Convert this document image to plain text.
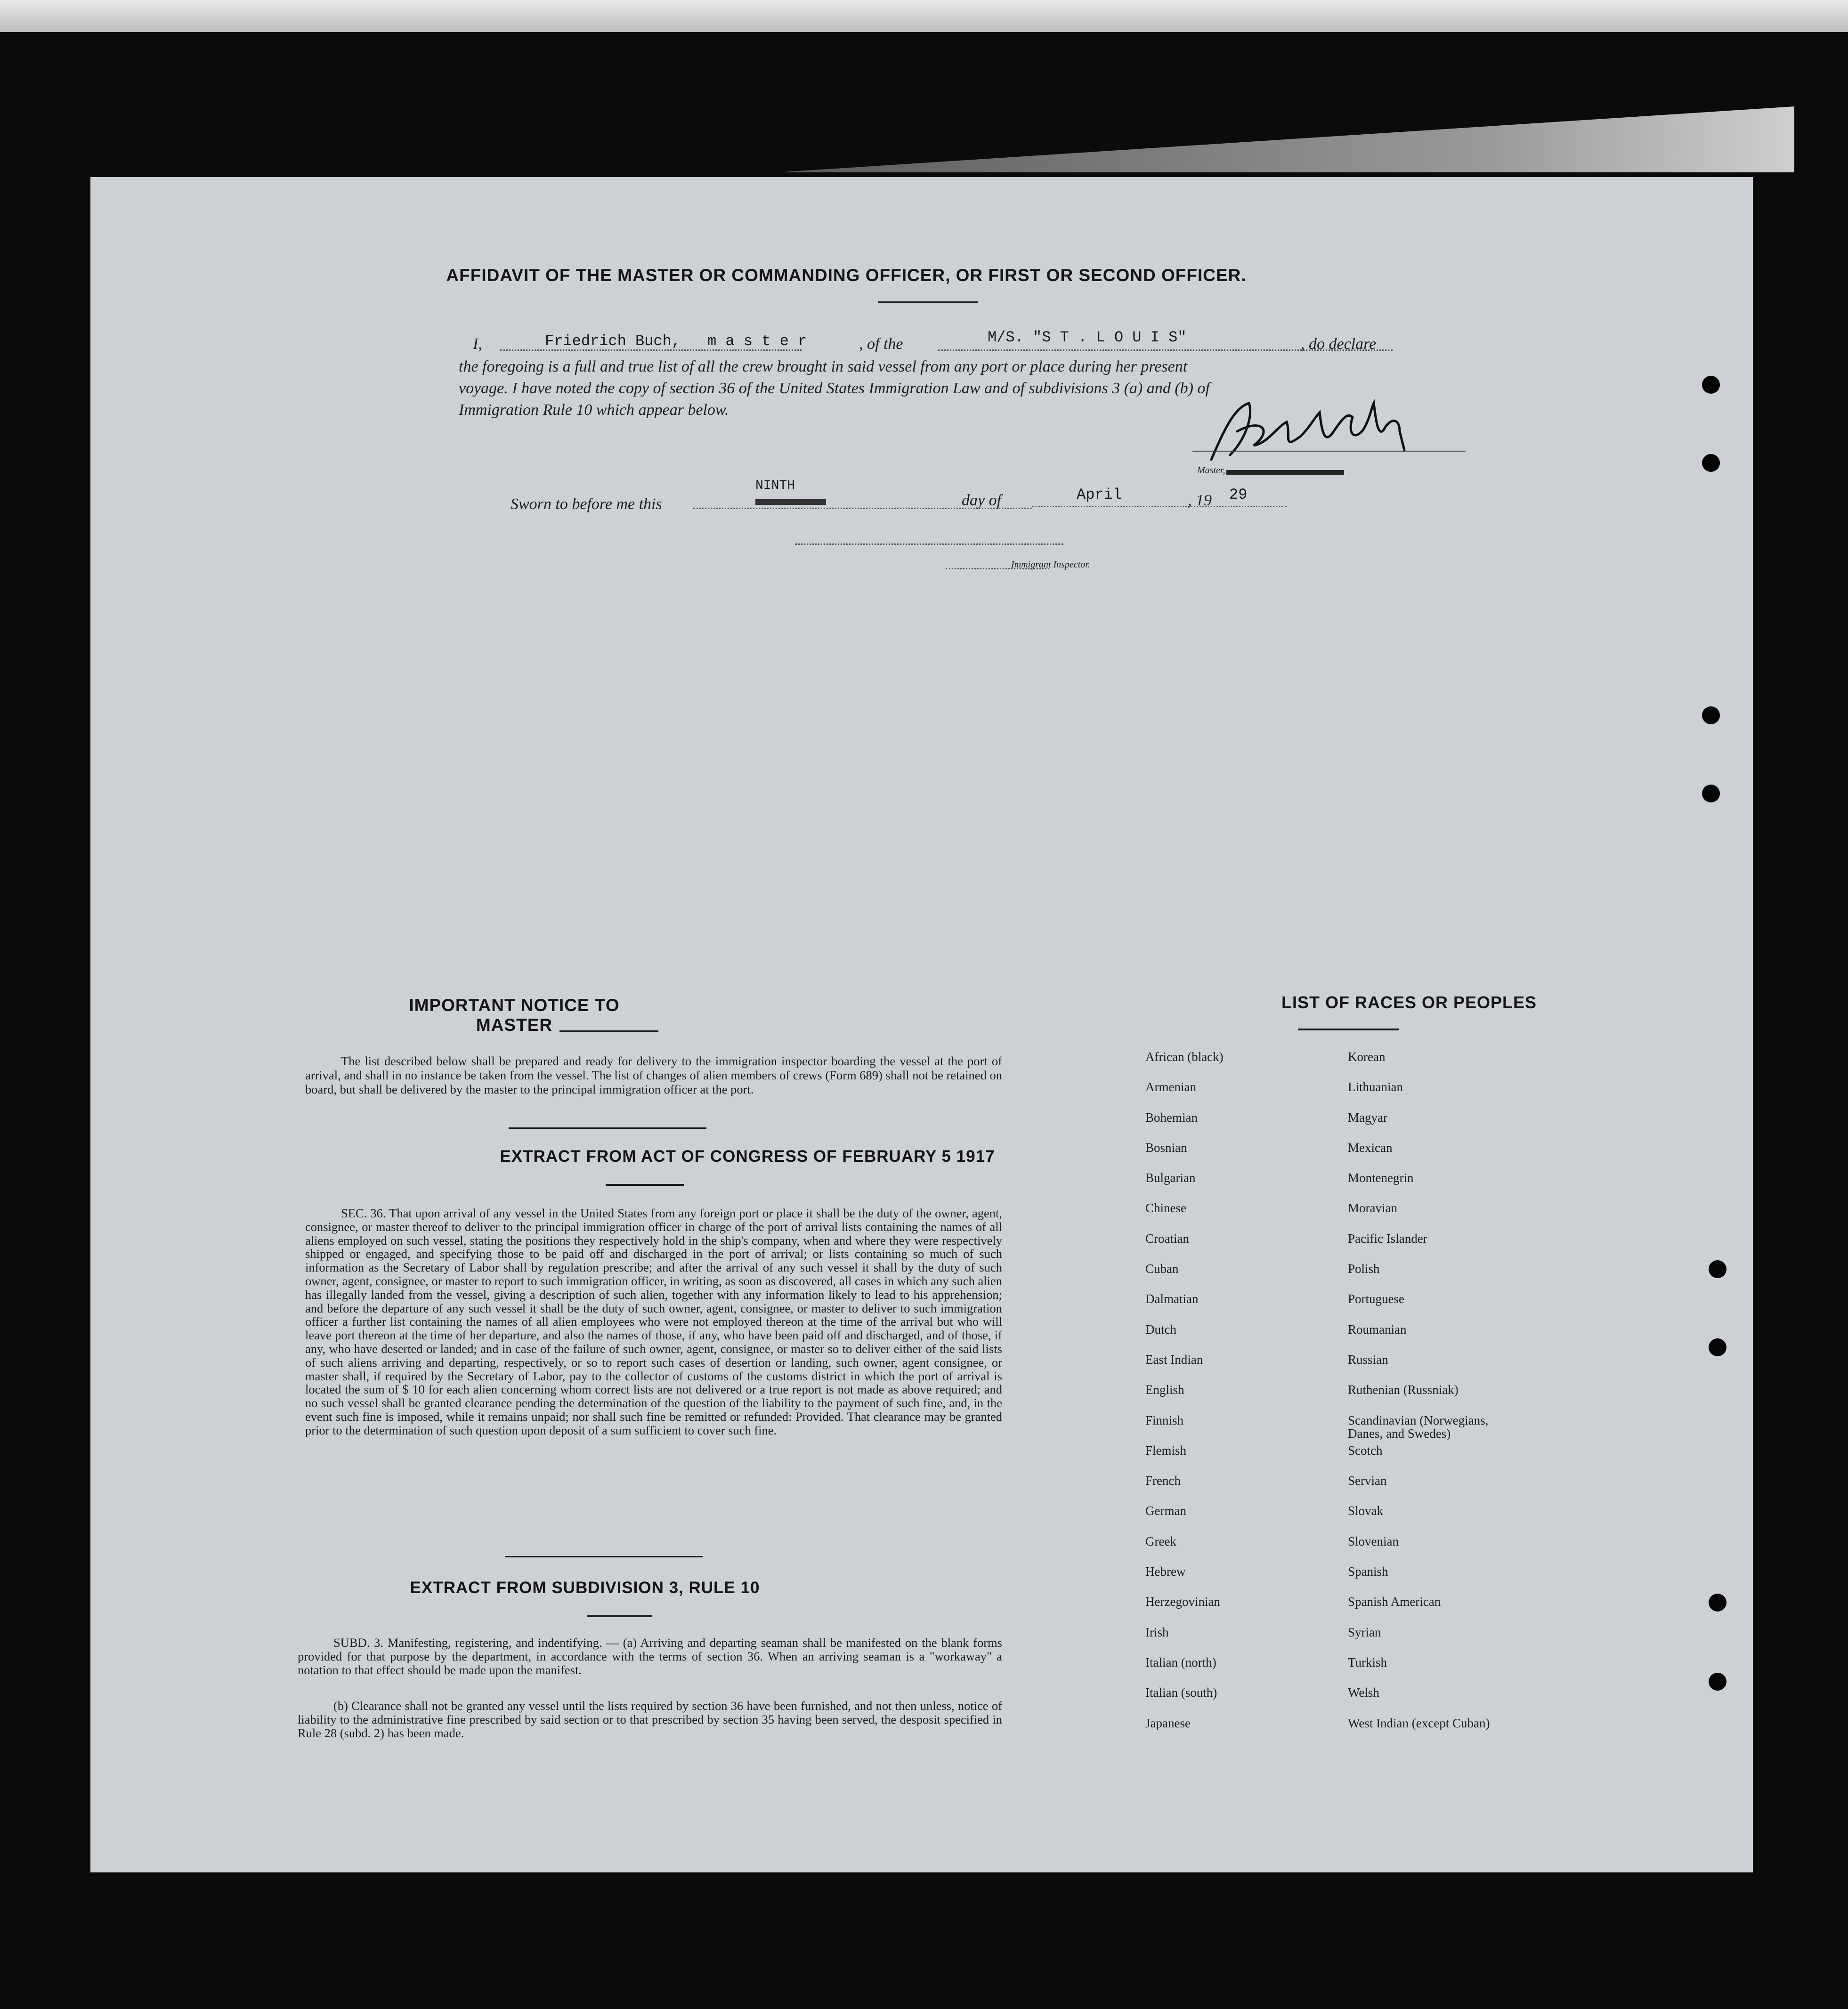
AFFIDAVIT OF THE MASTER OR COMMANDING OFFICER, OR FIRST OR SECOND OFFICER.
I,	Friedrich Buch, m a s t e r	, of the	M/S. "S T . L O U I S"	, do declare
the foregoing is a full and true list of all the crew brought in said vessel from any port or place during her present
voyage. I have noted the copy of section 36 of the United States Immigration Law and of subdivisions 3 (a) and (b) of
Immigration Rule 10 which appear below.
Master,
Sworn to before me this
NINTH
day of	April	, 19 29
Immigrant Inspector.
IMPORTANT NOTICE TO MASTER
The list described below shall be prepared and ready for delivery to the immigration inspector boarding the vessel at the port of arrival, and shall in no instance be taken from the vessel. The list of changes of alien members of crews (Form 689) shall not be retained on board, but shall be delivered by the master to the principal immigration officer at the port.
EXTRACT FROM ACT OF CONGRESS OF FEBRUARY 5 1917
SEC. 36. That upon arrival of any vessel in the United States from any foreign port or place it shall be the duty of the owner, agent, consignee, or master thereof to deliver to the principal immigration officer in charge of the port of arrival lists containing the names of all aliens employed on such vessel, stating the positions they respectively hold in the ship's company, when and where they were respectively shipped or engaged, and specifying those to be paid off and discharged in the port of arrival; or lists containing so much of such information as the Secretary of Labor shall by regulation prescribe; and after the arrival of any such vessel it shall by the duty of such owner, agent, consignee, or master to report to such immigration officer, in writing, as soon as discovered, all cases in which any such alien has illegally landed from the vessel, giving a description of such alien, together with any information likely to lead to his apprehension; and before the departure of any such vessel it shall be the duty of such owner, agent, consignee, or master to deliver to such immigration officer a further list containing the names of all alien employees who were not employed thereon at the time of the arrival but who will leave port thereon at the time of her departure, and also the names of those, if any, who have been paid off and discharged, and of those, if any, who have deserted or landed; and in case of the failure of such owner, agent, consignee, or master so to deliver either of the said lists of such aliens arriving and departing, respectively, or so to report such cases of desertion or landing, such owner, agent consignee, or master shall, if required by the Secretary of Labor, pay to the collector of customs of the customs district in which the port of arrival is located the sum of $ 10 for each alien concerning whom correct lists are not delivered or a true report is not made as above required; and no such vessel shall be granted clearance pending the determination of the question of the liability to the payment of such fine, and, in the event such fine is imposed, while it remains unpaid; nor shall such fine be remitted or refunded: Provided. That clearance may be granted prior to the determination of such question upon deposit of a sum sufficient to cover such fine.
EXTRACT FROM SUBDIVISION 3, RULE 10
SUBD. 3. Manifesting, registering, and indentifying. — (a) Arriving and departing seaman shall be manifested on the blank forms provided for that purpose by the department, in accordance with the terms of section 36. When an arriving seaman is a "workaway" a notation to that effect should be made upon the manifest.
(b) Clearance shall not be granted any vessel until the lists required by section 36 have been furnished, and not then unless, notice of liability to the administrative fine prescribed by said section or to that prescribed by section 35 having been served, the desposit specified in Rule 28 (subd. 2) has been made.
LIST OF RACES OR PEOPLES
African (black)	Korean
Armenian	Lithuanian
Bohemian	Magyar
Bosnian	Mexican
Bulgarian	Montenegrin
Chinese	Moravian
Croatian	Pacific Islander
Cuban	Polish
Dalmatian	Portuguese
Dutch	Roumanian
East Indian	Russian
English	Ruthenian (Russniak)
Finnish	Scandinavian (Norwegians, Danes, and Swedes)
Flemish	Scotch
French	Servian
German	Slovak
Greek	Slovenian
Hebrew	Spanish
Herzegovinian	Spanish American
Irish	Syrian
Italian (north)	Turkish
Italian (south)	Welsh
Japanese	West Indian (except Cuban)
